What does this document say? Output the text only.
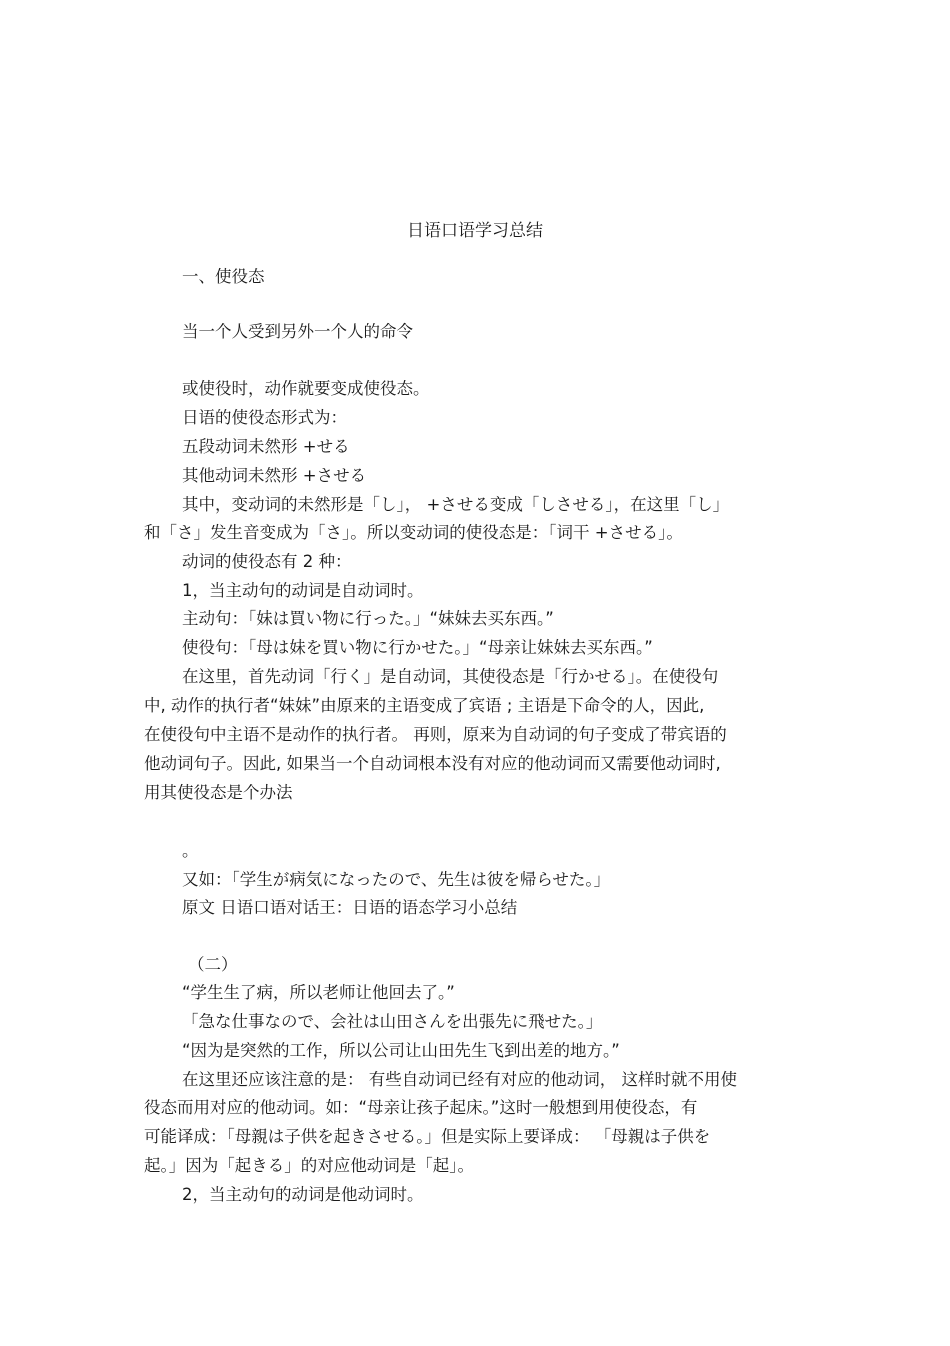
日语口语学习总结
一、使役态
当一个人受到另外一个人的命令
或使役时，动作就要变成使役态。
日语的使役态形式为：
五段动词未然形 +せる
其他动词未然形 +させる
其中，变动词的未然形是「し」， +させる变成「しさせる」，在这里「し」
和「さ」发生音变成为「さ」。所以变动词的使役态是：「词干 +させる」。
动词的使役态有 2 种：
1，当主动句的动词是自动词时。
主动句：「妹は買い物に行った。」“妹妹去买东西。”
使役句：「母は妹を買い物に行かせた。」“母亲让妹妹去买东西。”
在这里，首先动词「行く」是自动词，其使役态是「行かせる」。在使役句
中, 动作的执行者“妹妹”由原来的主语变成了宾语 ; 主语是下命令的人，因此,
在使役句中主语不是动作的执行者。 再则，原来为自动词的句子变成了带宾语的
他动词句子。因此, 如果当一个自动词根本没有对应的他动词而又需要他动词时,
用其使役态是个办法
。
又如：「学生が病気になったので、先生は彼を帰らせた。」
原文 日语口语对话王：日语的语态学习小总结
（二）
“学生生了病，所以老师让他回去了。”
「急な仕事なので、会社は山田さんを出張先に飛せた。」
“因为是突然的工作，所以公司让山田先生飞到出差的地方。”
在这里还应该注意的是： 有些自动词已经有对应的他动词， 这样时就不用使
役态而用对应的他动词。如：“母亲让孩子起床。”这时一般想到用使役态，有
可能译成：「母親は子供を起きさせる。」但是实际上要译成： 「母親は子供を
起。」因为「起きる」的对应他动词是「起」。
2，当主动句的动词是他动词时。
